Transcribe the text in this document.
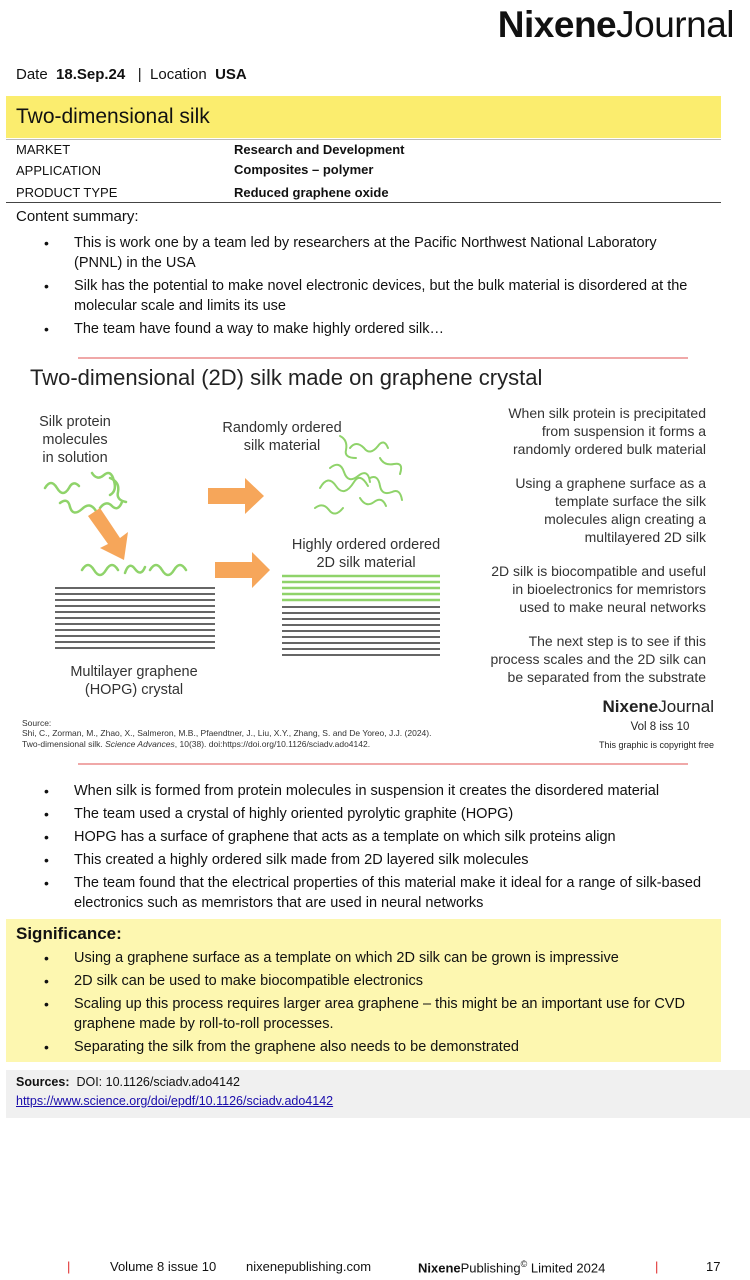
NixeneJournal
Date 18.Sep.24 | Location USA
Two-dimensional silk
MARKET	Research and Development
APPLICATION	Composites – polymer
PRODUCT TYPE	Reduced graphene oxide
Content summary:
• This is work one by a team led by researchers at the Pacific Northwest National Laboratory (PNNL) in the USA
• Silk has the potential to make novel electronic devices, but the bulk material is disordered at the molecular scale and limits its use
• The team have found a way to make highly ordered silk…
Two-dimensional (2D) silk made on graphene crystal
Silk protein
molecules
in solution
Randomly ordered
silk material
Highly ordered ordered
2D silk material
Multilayer graphene
(HOPG) crystal
When silk protein is precipitated
from suspension it forms a
randomly ordered bulk material
Using a graphene surface as a
template surface the silk
molecules align creating a
multilayered 2D silk
2D silk is biocompatible and useful
in bioelectronics for memristors
used to make neural networks
The next step is to see if this
process scales and the 2D silk can
be separated from the substrate
NixeneJournal
Vol 8 iss 10
This graphic is copyright free
Source:
Shi, C., Zorman, M., Zhao, X., Salmeron, M.B., Pfaendtner, J., Liu, X.Y., Zhang, S. and De Yoreo, J.J. (2024).
Two-dimensional silk. Science Advances, 10(38). doi:https://doi.org/10.1126/sciadv.ado4142.
• When silk is formed from protein molecules in suspension it creates the disordered material
• The team used a crystal of highly oriented pyrolytic graphite (HOPG)
• HOPG has a surface of graphene that acts as a template on which silk proteins align
• This created a highly ordered silk made from 2D layered silk molecules
• The team found that the electrical properties of this material make it ideal for a range of silk-based electronics such as memristors that are used in neural networks
Significance:
• Using a graphene surface as a template on which 2D silk can be grown is impressive
• 2D silk can be used to make biocompatible electronics
• Scaling up this process requires larger area graphene – this might be an important use for CVD graphene made by roll-to-roll processes.
• Separating the silk from the graphene also needs to be demonstrated
Sources: DOI: 10.1126/sciadv.ado4142
https://www.science.org/doi/epdf/10.1126/sciadv.ado4142
|	Volume 8 issue 10 nixenepublishing.com	NixenePublishing© Limited 2024	|	17
